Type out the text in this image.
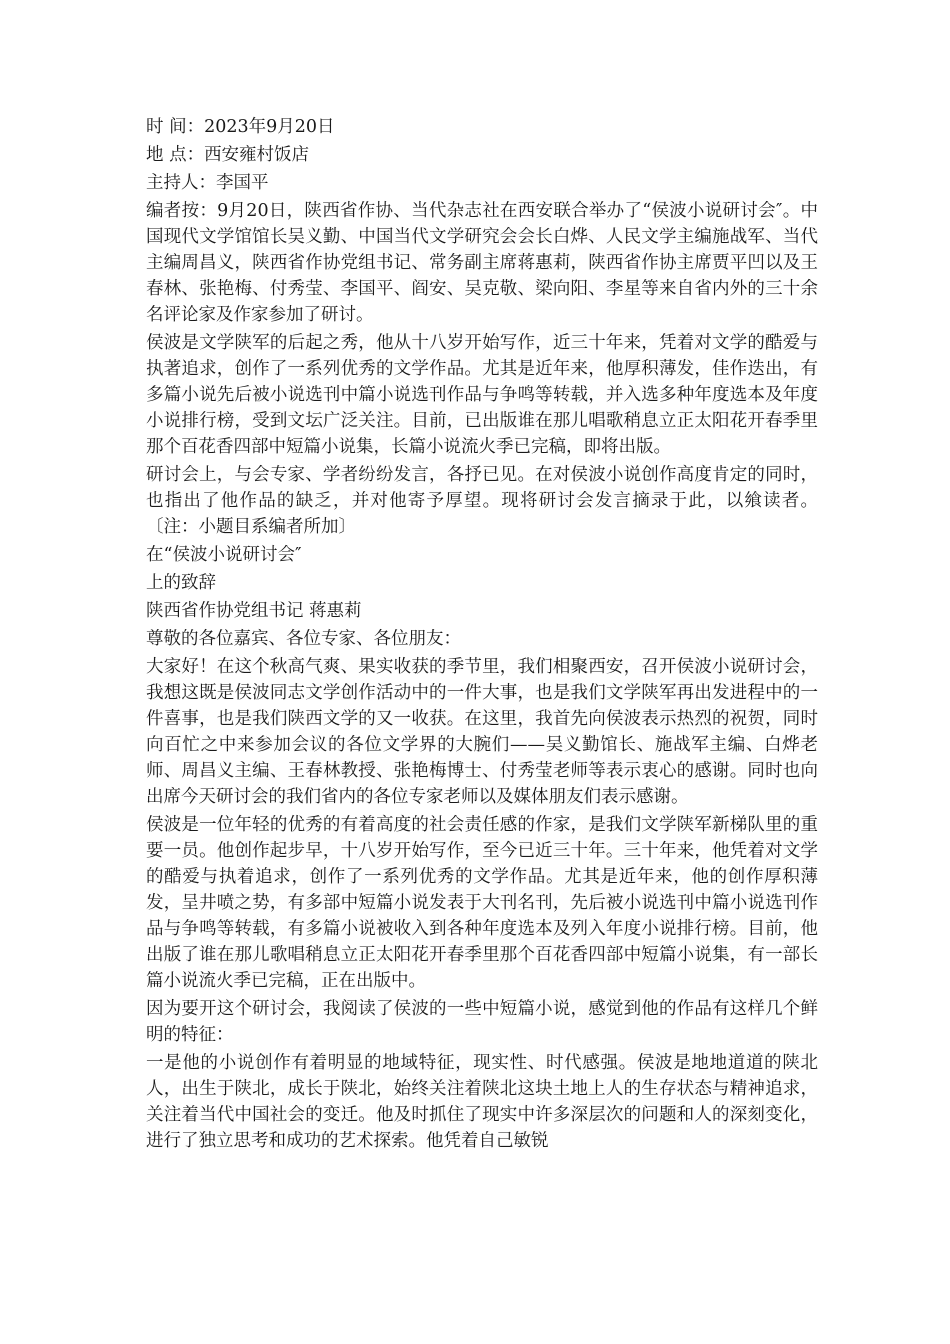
时 间：2023年9月20日

地 点：西安雍村饭店

主持人：李国平

编者按：9月20日，陕西省作协、当代杂志社在西安联合举办了“侯波小说研讨会″。中国现代文学馆馆长吴义勤、中国当代文学研究会会长白烨、人民文学主编施战军、当代主编周昌义，陕西省作协党组书记、常务副主席蒋惠莉，陕西省作协主席贾平凹以及王春林、张艳梅、付秀莹、李国平、阎安、吴克敬、梁向阳、李星等来自省内外的三十余名评论家及作家参加了研讨。

侯波是文学陕军的后起之秀，他从十八岁开始写作，近三十年来，凭着对文学的酷爱与执著追求，创作了一系列优秀的文学作品。尤其是近年来，他厚积薄发，佳作迭出，有多篇小说先后被小说选刊中篇小说选刊作品与争鸣等转载，并入选多种年度选本及年度小说排行榜，受到文坛广泛关注。目前，已出版谁在那儿唱歌稍息立正太阳花开春季里那个百花香四部中短篇小说集，长篇小说流火季已完稿，即将出版。

研讨会上，与会专家、学者纷纷发言，各抒已见。在对侯波小说创作高度肯定的同时，也指出了他作品的缺乏，并对他寄予厚望。现将研讨会发言摘录于此，以飨读者。〔注：小题目系编者所加〕

在“侯波小说研讨会″

上的致辞

陕西省作协党组书记 蒋惠莉

尊敬的各位嘉宾、各位专家、各位朋友：

大家好！在这个秋高气爽、果实收获的季节里，我们相聚西安，召开侯波小说研讨会，我想这既是侯波同志文学创作活动中的一件大事，也是我们文学陕军再出发进程中的一件喜事，也是我们陕西文学的又一收获。在这里，我首先向侯波表示热烈的祝贺，同时向百忙之中来参加会议的各位文学界的大腕们——吴义勤馆长、施战军主编、白烨老师、周昌义主编、王春林教授、张艳梅博士、付秀莹老师等表示衷心的感谢。同时也向出席今天研讨会的我们省内的各位专家老师以及媒体朋友们表示感谢。

侯波是一位年轻的优秀的有着高度的社会责任感的作家，是我们文学陕军新梯队里的重要一员。他创作起步早，十八岁开始写作，至今已近三十年。三十年来，他凭着对文学的酷爱与执着追求，创作了一系列优秀的文学作品。尤其是近年来，他的创作厚积薄发，呈井喷之势，有多部中短篇小说发表于大刊名刊，先后被小说选刊中篇小说选刊作品与争鸣等转载，有多篇小说被收入到各种年度选本及列入年度小说排行榜。目前，他出版了谁在那儿歌唱稍息立正太阳花开春季里那个百花香四部中短篇小说集，有一部长篇小说流火季已完稿，正在出版中。

因为要开这个研讨会，我阅读了侯波的一些中短篇小说，感觉到他的作品有这样几个鲜明的特征：

一是他的小说创作有着明显的地域特征，现实性、时代感强。侯波是地地道道的陕北人，出生于陕北，成长于陕北，始终关注着陕北这块土地上人的生存状态与精神追求，关注着当代中国社会的变迁。他及时抓住了现实中许多深层次的问题和人的深刻变化，进行了独立思考和成功的艺术探索。他凭着自己敏锐
